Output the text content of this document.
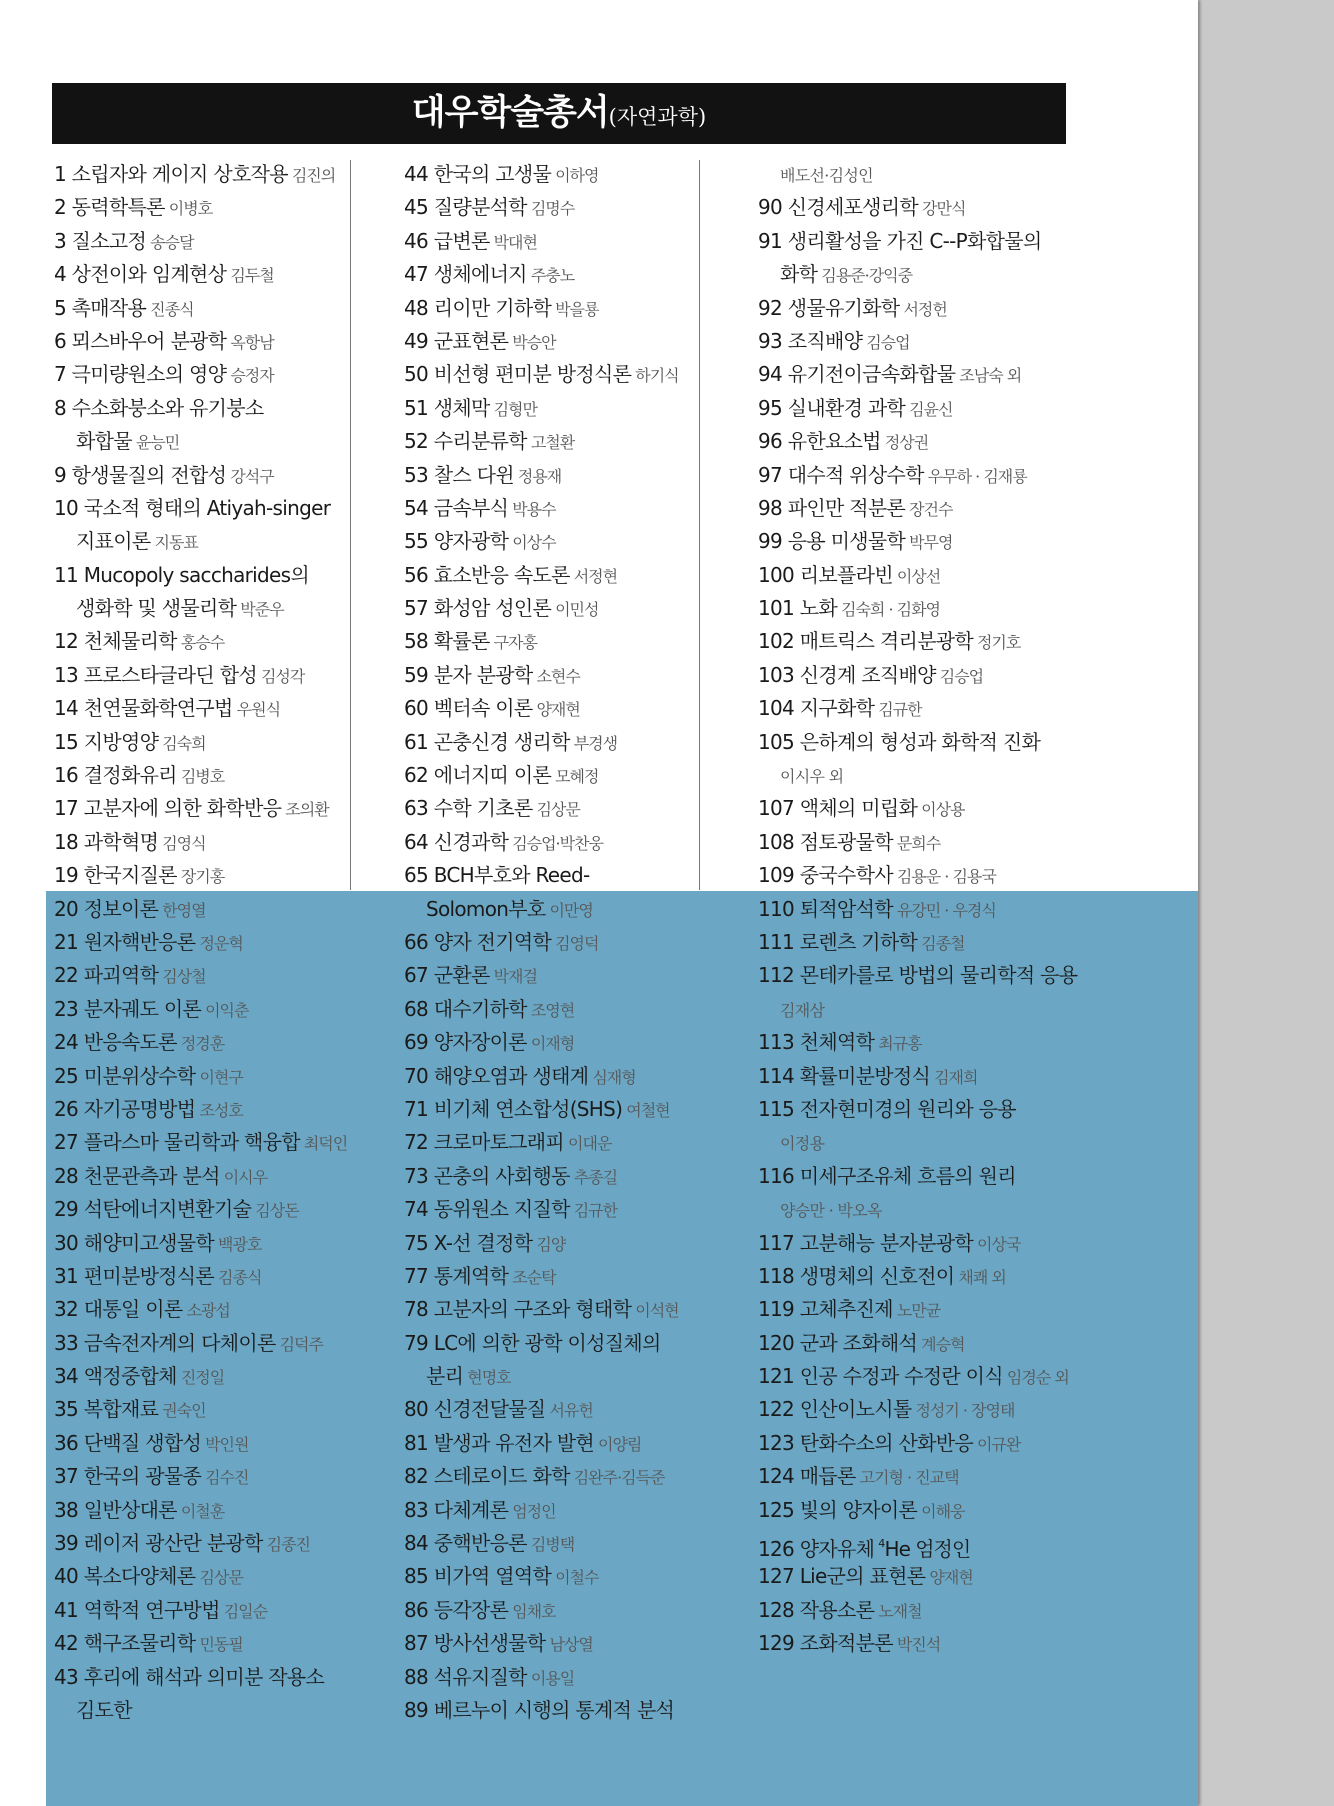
대우학술총서(자연과학)
1 소립자와 게이지 상호작용 김진의
2 동력학특론 이병호
3 질소고정 송승달
4 상전이와 임계현상 김두철
5 촉매작용 진종식
6 뫼스바우어 분광학 옥항남
7 극미량원소의 영양 승정자
8 수소화붕소와 유기붕소
화합물 윤능민
9 항생물질의 전합성 강석구
10 국소적 형태의 Atiyah-singer
지표이론 지동표
11 Mucopoly saccharides의
생화학 및 생물리학 박준우
12 천체물리학 홍승수
13 프로스타글라딘 합성 김성각
14 천연물화학연구법 우원식
15 지방영양 김숙희
16 결정화유리 김병호
17 고분자에 의한 화학반응 조의환
18 과학혁명 김영식
19 한국지질론 장기홍
20 정보이론 한영열
21 원자핵반응론 정운혁
22 파괴역학 김상철
23 분자궤도 이론 이익춘
24 반응속도론 정경훈
25 미분위상수학 이현구
26 자기공명방법 조성호
27 플라스마 물리학과 핵융합 최덕인
28 천문관측과 분석 이시우
29 석탄에너지변환기술 김상돈
30 해양미고생물학 백광호
31 편미분방정식론 김종식
32 대통일 이론 소광섭
33 금속전자계의 다체이론 김덕주
34 액정중합체 진정일
35 복합재료 권숙인
36 단백질 생합성 박인원
37 한국의 광물종 김수진
38 일반상대론 이철훈
39 레이저 광산란 분광학 김종진
40 복소다양체론 김상문
41 역학적 연구방법 김일순
42 핵구조물리학 민동필
43 후리에 해석과 의미분 작용소
김도한
44 한국의 고생물 이하영
45 질량분석학 김명수
46 급변론 박대현
47 생체에너지 주충노
48 리이만 기하학 박을룡
49 군표현론 박승안
50 비선형 편미분 방정식론 하기식
51 생체막 김형만
52 수리분류학 고철환
53 찰스 다윈 정용재
54 금속부식 박용수
55 양자광학 이상수
56 효소반응 속도론 서정현
57 화성암 성인론 이민성
58 확률론 구자홍
59 분자 분광학 소현수
60 벡터속 이론 양재현
61 곤충신경 생리학 부경생
62 에너지띠 이론 모혜정
63 수학 기초론 김상문
64 신경과학 김승업·박찬웅
65 BCH부호와 Reed-
Solomon부호 이만영
66 양자 전기역학 김영덕
67 군환론 박재걸
68 대수기하학 조영현
69 양자장이론 이재형
70 해양오염과 생태계 심재형
71 비기체 연소합성(SHS) 여철현
72 크로마토그래피 이대운
73 곤충의 사회행동 추종길
74 동위원소 지질학 김규한
75 X-선 결정학 김양
77 통계역학 조순탁
78 고분자의 구조와 형태학 이석현
79 LC에 의한 광학 이성질체의
분리 현명호
80 신경전달물질 서유헌
81 발생과 유전자 발현 이양림
82 스테로이드 화학 김완주·김득준
83 다체계론 엄정인
84 중핵반응론 김병택
85 비가역 열역학 이철수
86 등각장론 임채호
87 방사선생물학 남상열
88 석유지질학 이용일
89 베르누이 시행의 통계적 분석
배도선·김성인
90 신경세포생리학 강만식
91 생리활성을 가진 C--P화합물의
화학 김용준·강익중
92 생물유기화학 서정헌
93 조직배양 김승업
94 유기전이금속화합물 조남숙 외
95 실내환경 과학 김윤신
96 유한요소법 정상권
97 대수적 위상수학 우무하 · 김재룡
98 파인만 적분론 장건수
99 응용 미생물학 박무영
100 리보플라빈 이상선
101 노화 김숙희 · 김화영
102 매트릭스 격리분광학 정기호
103 신경계 조직배양 김승업
104 지구화학 김규한
105 은하계의 형성과 화학적 진화
이시우 외
107 액체의 미립화 이상용
108 점토광물학 문희수
109 중국수학사 김용운 · 김용국
110 퇴적암석학 유강민 · 우경식
111 로렌츠 기하학 김종철
112 몬테카를로 방법의 물리학적 응용
김재삼
113 천체역학 최규홍
114 확률미분방정식 김재희
115 전자현미경의 원리와 응용
이정용
116 미세구조유체 흐름의 원리
양승만 · 박오옥
117 고분해능 분자분광학 이상국
118 생명체의 신호전이 채쾌 외
119 고체추진제 노만균
120 군과 조화해석 계승혁
121 인공 수정과 수정란 이식 임경순 외
122 인산이노시톨 정성기 · 장영태
123 탄화수소의 산화반응 이규완
124 매듭론 고기형 · 진교택
125 빛의 양자이론 이해웅
126 양자유체 $^4$He 엄정인
127 Lie군의 표현론 양재현
128 작용소론 노재철
129 조화적분론 박진석
